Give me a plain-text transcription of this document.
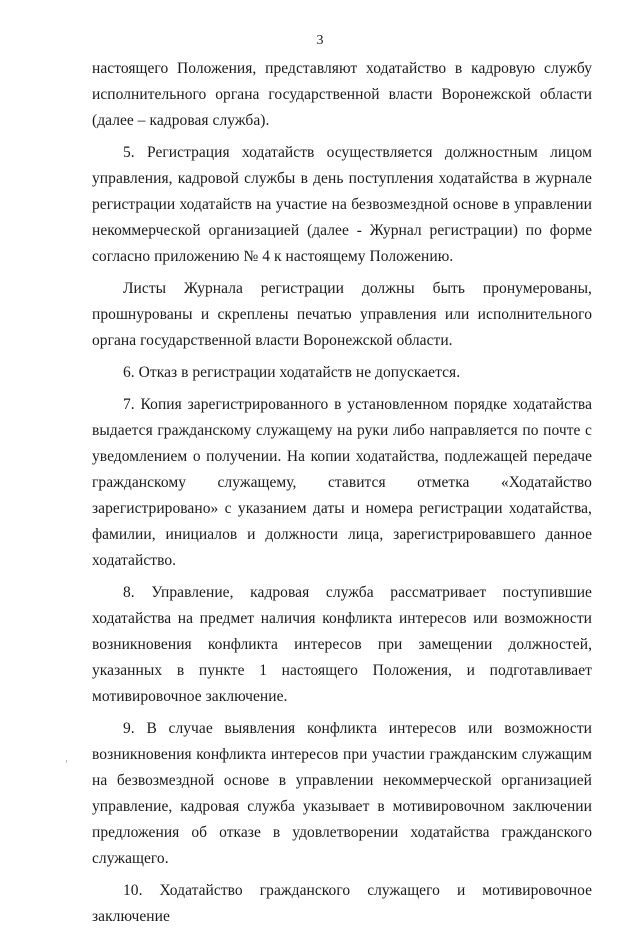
3

настоящего Положения, представляют ходатайство в кадровую службу исполнительного органа государственной власти Воронежской области (далее – кадровая служба).

5. Регистрация ходатайств осуществляется должностным лицом управления, кадровой службы в день поступления ходатайства в журнале регистрации ходатайств на участие на безвозмездной основе в управлении некоммерческой организацией (далее - Журнал регистрации) по форме согласно приложению № 4 к настоящему Положению.

Листы Журнала регистрации должны быть пронумерованы, прошнурованы и скреплены печатью управления или исполнительного органа государственной власти Воронежской области.

6. Отказ в регистрации ходатайств не допускается.

7. Копия зарегистрированного в установленном порядке ходатайства выдается гражданскому служащему на руки либо направляется по почте с уведомлением о получении. На копии ходатайства, подлежащей передаче гражданскому служащему, ставится отметка «Ходатайство зарегистрировано» с указанием даты и номера регистрации ходатайства, фамилии, инициалов и должности лица, зарегистрировавшего данное ходатайство.

8. Управление, кадровая служба рассматривает поступившие ходатайства на предмет наличия конфликта интересов или возможности возникновения конфликта интересов при замещении должностей, указанных в пункте 1 настоящего Положения, и подготавливает мотивировочное заключение.

9. В случае выявления конфликта интересов или возможности возникновения конфликта интересов при участии гражданским служащим на безвозмездной основе в управлении некоммерческой организацией управление, кадровая служба указывает в мотивировочном заключении предложения об отказе в удовлетворении ходатайства гражданского служащего.

10. Ходатайство гражданского служащего и мотивировочное заключение
